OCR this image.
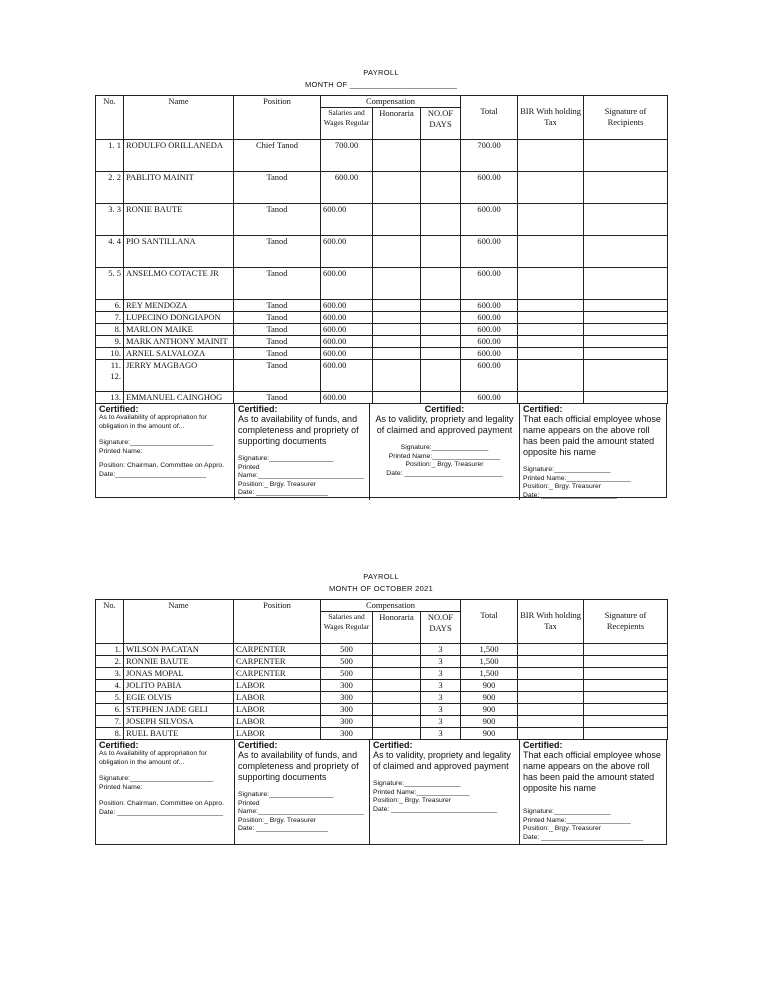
PAYROLL
MONTH OF ________________________
No.	Name	Position	Compensation			Total	BIR With holding Tax	Signature of Recipients
			Salaries and Wages Regular	Honoraria	NO.OF DAYS			
1. 1	RODULFO ORILLANEDA	Chief Tanod	700.00			700.00		
2. 2	PABLITO MAINIT	Tanod	600.00			600.00		
3. 3	RONIE BAUTE	Tanod	600.00			600.00		
4. 4	PIO SANTILLANA	Tanod	600.00			600.00		
5. 5	ANSELMO COTACTE JR	Tanod	600.00			600.00		
6.	REY MENDOZA	Tanod	600.00			600.00		
7.	LUPECINO DONGIAPON	Tanod	600.00			600.00		
8.	MARLON MAIKE	Tanod	600.00			600.00		
9.	MARK ANTHONY MAINIT	Tanod	600.00			600.00		
10.	ARNEL SALVALOZA	Tanod	600.00			600.00		
11. 12.	JERRY MAGBAGO	Tanod	600.00			600.00		
13.	EMMANUEL CAINGHOG	Tanod	600.00			600.00		
Certified:
As to Availability of appropriation for obligation in the amount of...
Signature:______________________
Printed Name:
Position: Chairman, Committee on Appro.
Date:________________________
Certified:
As to availability of funds, and completeness and propriety of supporting documents
Signature:_________________
Printed Name:____________________________
Position:_ Brgy. Treasurer
Date: ___________________
Certified:
As to validity, propriety and legality of claimed and approved payment
Signature:_______________
Printed Name:__________________
Position:_ Brgy. Treasurer
Date: __________________________
Certified:
That each official employee whose name appears on the above roll has been paid the amount stated opposite his name
Signature:_______________
Printed Name:_________________
Position:_ Brgy. Treasurer
Date: ____________________
PAYROLL
MONTH OF OCTOBER 2021
No.	Name	Position	Compensation			Total	BIR With holding Tax	Signature of Recepients
			Salaries and Wages Regular	Honoraria	NO.OF DAYS			
1.	WILSON PACATAN	CARPENTER	500		3	1,500		
2.	RONNIE BAUTE	CARPENTER	500		3	1,500		
3.	JONAS MOPAL	CARPENTER	500		3	1,500		
4.	JOLITO PABIA	LABOR	300		3	900		
5.	EGIE OLVIS	LABOR	300		3	900		
6.	STEPHEN JADE GELI	LABOR	300		3	900		
7.	JOSEPH SILVOSA	LABOR	300		3	900		
8.	RUEL BAUTE	LABOR	300		3	900		
Certified:
As to Availability of appropriation for obligation in the amount of...
Signature:______________________
Printed Name:
Position: Chairman, Committee on Appro.
Date: ____________________________
Certified:
As to availability of funds, and completeness and propriety of supporting documents
Signature:_________________
Printed Name:____________________________
Position:_ Brgy. Treasurer
Date: ___________________
Certified:
As to validity, propriety and legality of claimed and approved payment
Signature:_______________
Printed Name:______________
Position:_ Brgy. Treasurer
Date: ____________________________
Certified:
That each official employee whose name appears on the above roll has been paid the amount stated opposite his name
Signature:_______________
Printed Name:_________________
Position:_ Brgy. Treasurer
Date: ___________________________
